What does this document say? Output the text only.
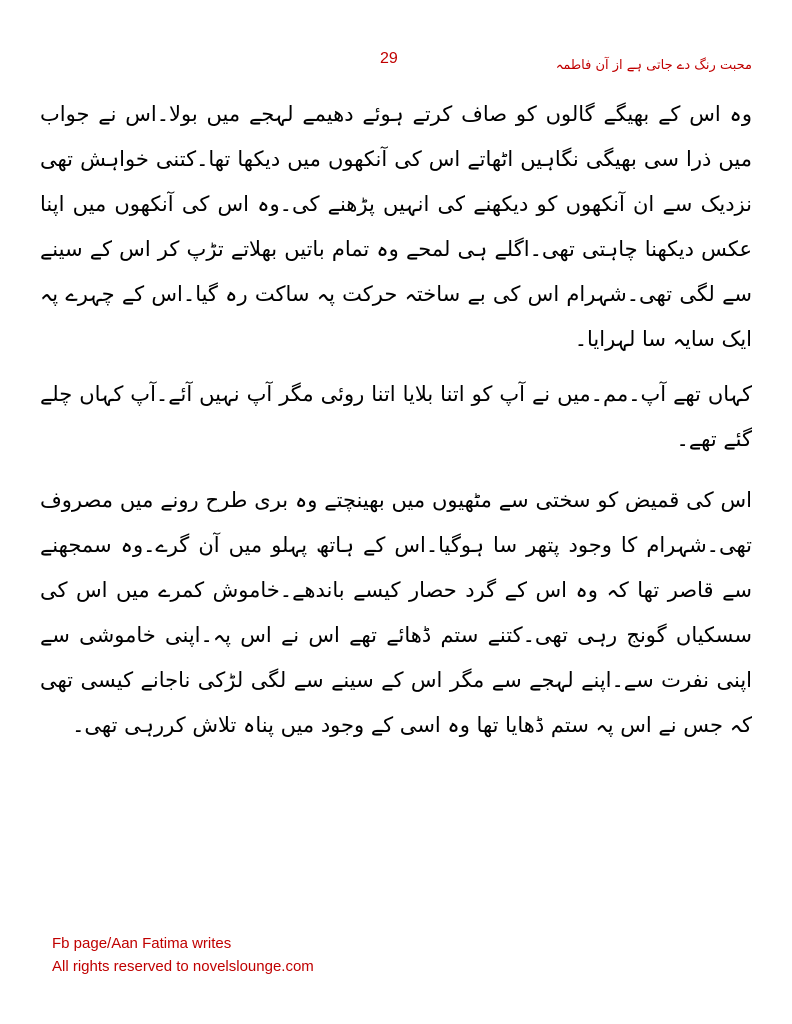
29	محبت رنگ دے جاتی ہے از آن فاطمہ

وہ اس کے بھیگے گالوں کو صاف کرتے ہوئے دھیمے لہجے میں بولا۔اس نے جواب میں ذرا سی بھیگی نگاہیں اٹھاتے اس کی آنکھوں میں دیکھا تھا۔کتنی خواہش تھی نزدیک سے ان آنکھوں کو دیکھنے کی انہیں پڑھنے کی۔وہ اس کی آنکھوں میں اپنا عکس دیکھنا چاہتی تھی۔اگلے ہی لمحے وہ تمام باتیں بھلاتے تڑپ کر اس کے سینے سے لگی تھی۔شہرام اس کی بے ساختہ حرکت پہ ساکت رہ گیا۔اس کے چہرے پہ ایک سایہ سا لہرایا۔

کہاں تھے آپ۔مم۔میں نے آپ کو اتنا بلایا اتنا روئی مگر آپ نہیں آئے۔آپ کہاں چلے گئے تھے۔

اس کی قمیض کو سختی سے مٹھیوں میں بھینچتے وہ بری طرح رونے میں مصروف تھی۔شہرام کا وجود پتھر سا ہوگیا۔اس کے ہاتھ پہلو میں آن گرے۔وہ سمجھنے سے قاصر تھا کہ وہ اس کے گرد حصار کیسے باندھے۔خاموش کمرے میں اس کی سسکیاں گونج رہی تھی۔کتنے ستم ڈھائے تھے اس نے اس پہ۔اپنی خاموشی سے اپنی نفرت سے۔اپنے لہجے سے مگر اس کے سینے سے لگی لڑکی ناجانے کیسی تھی کہ جس نے اس پہ ستم ڈھایا تھا وہ اسی کے وجود میں پناہ تلاش کررہی تھی۔

Fb page/Aan Fatima writes
All rights reserved to novelslounge.com
